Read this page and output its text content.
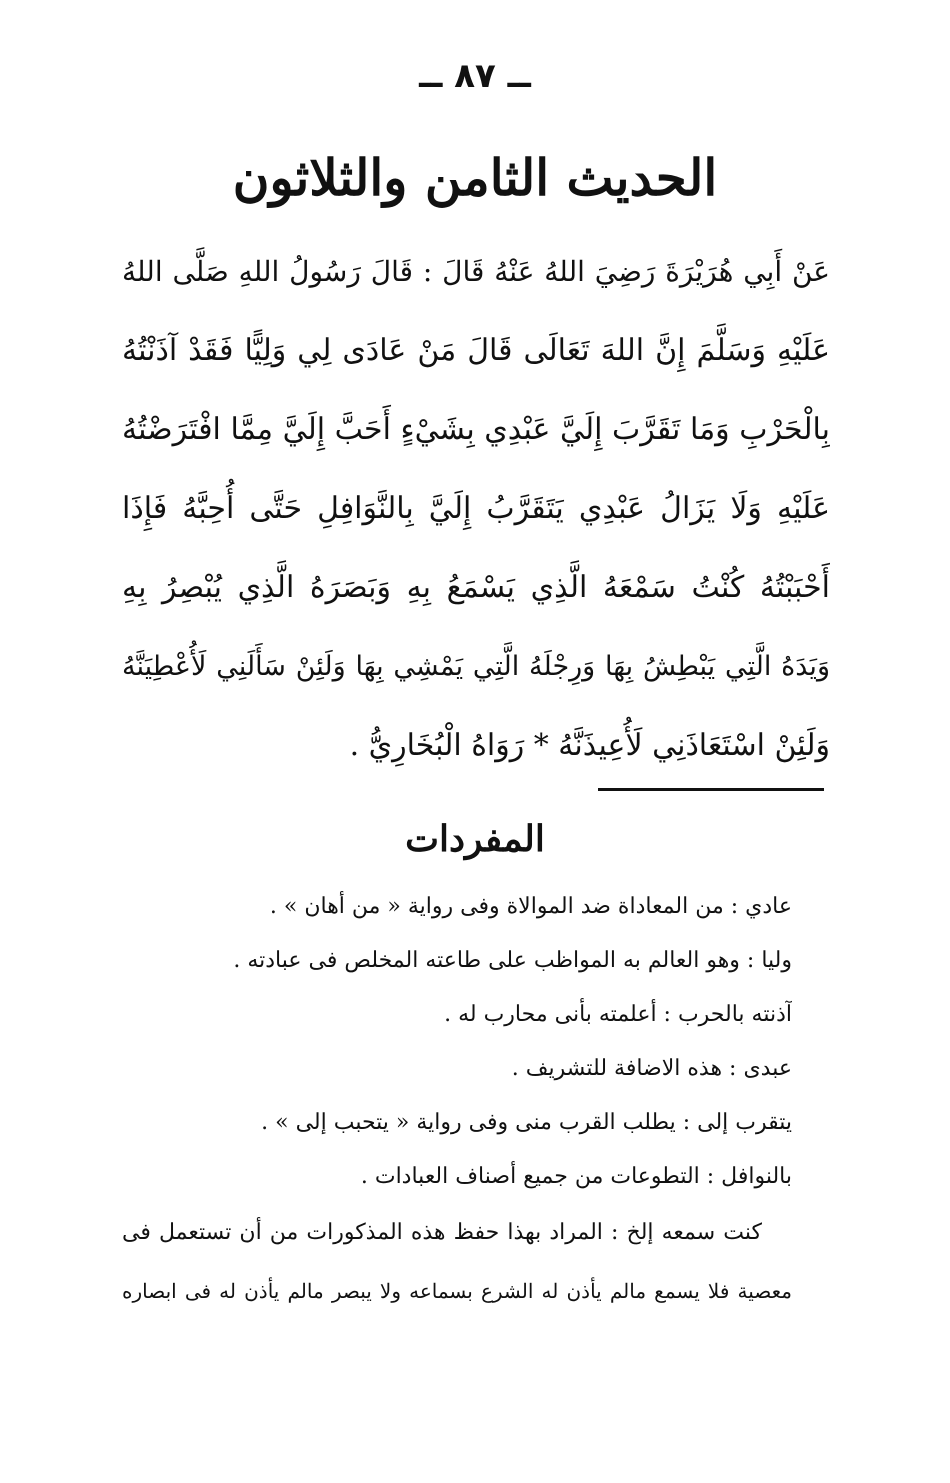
ــ ٨٧ ــ
الحديث الثامن والثلاثون
عَنْ أَبِي هُرَيْرَةَ رَضِيَ اللهُ عَنْهُ قَالَ : قَالَ رَسُولُ اللهِ صَلَّى اللهُ
عَلَيْهِ وَسَلَّمَ إِنَّ اللهَ تَعَالَى قَالَ مَنْ عَادَى لِي وَلِيًّا فَقَدْ آذَنْتُهُ
بِالْحَرْبِ وَمَا تَقَرَّبَ إِلَيَّ عَبْدِي بِشَيْءٍ أَحَبَّ إِلَيَّ مِمَّا افْتَرَضْتُهُ
عَلَيْهِ وَلَا يَزَالُ عَبْدِي يَتَقَرَّبُ إِلَيَّ بِالنَّوَافِلِ حَتَّى أُحِبَّهُ فَإِذَا
أَحْبَبْتُهُ كُنْتُ سَمْعَهُ الَّذِي يَسْمَعُ بِهِ وَبَصَرَهُ الَّذِي يُبْصِرُ بِهِ
وَيَدَهُ الَّتِي يَبْطِشُ بِهَا وَرِجْلَهُ الَّتِي يَمْشِي بِهَا وَلَئِنْ سَأَلَنِي لَأُعْطِيَنَّهُ
وَلَئِنْ اسْتَعَاذَنِي لَأُعِيذَنَّهُ * رَوَاهُ الْبُخَارِيُّ .
المفردات
عادي : من المعاداة ضد الموالاة وفى رواية « من أهان » .
وليا : وهو العالم به المواظب على طاعته المخلص فى عبادته .
آذنته بالحرب : أعلمته بأنى محارب له .
عبدى : هذه الاضافة للتشريف .
يتقرب إلى : يطلب القرب منى وفى رواية « يتحبب إلى » .
بالنوافل : التطوعات من جميع أصناف العبادات .
كنت سمعه إلخ : المراد بهذا حفظ هذه المذكورات من أن تستعمل فى
معصية فلا يسمع مالم يأذن له الشرع بسماعه ولا يبصر مالم يأذن له فى ابصاره
